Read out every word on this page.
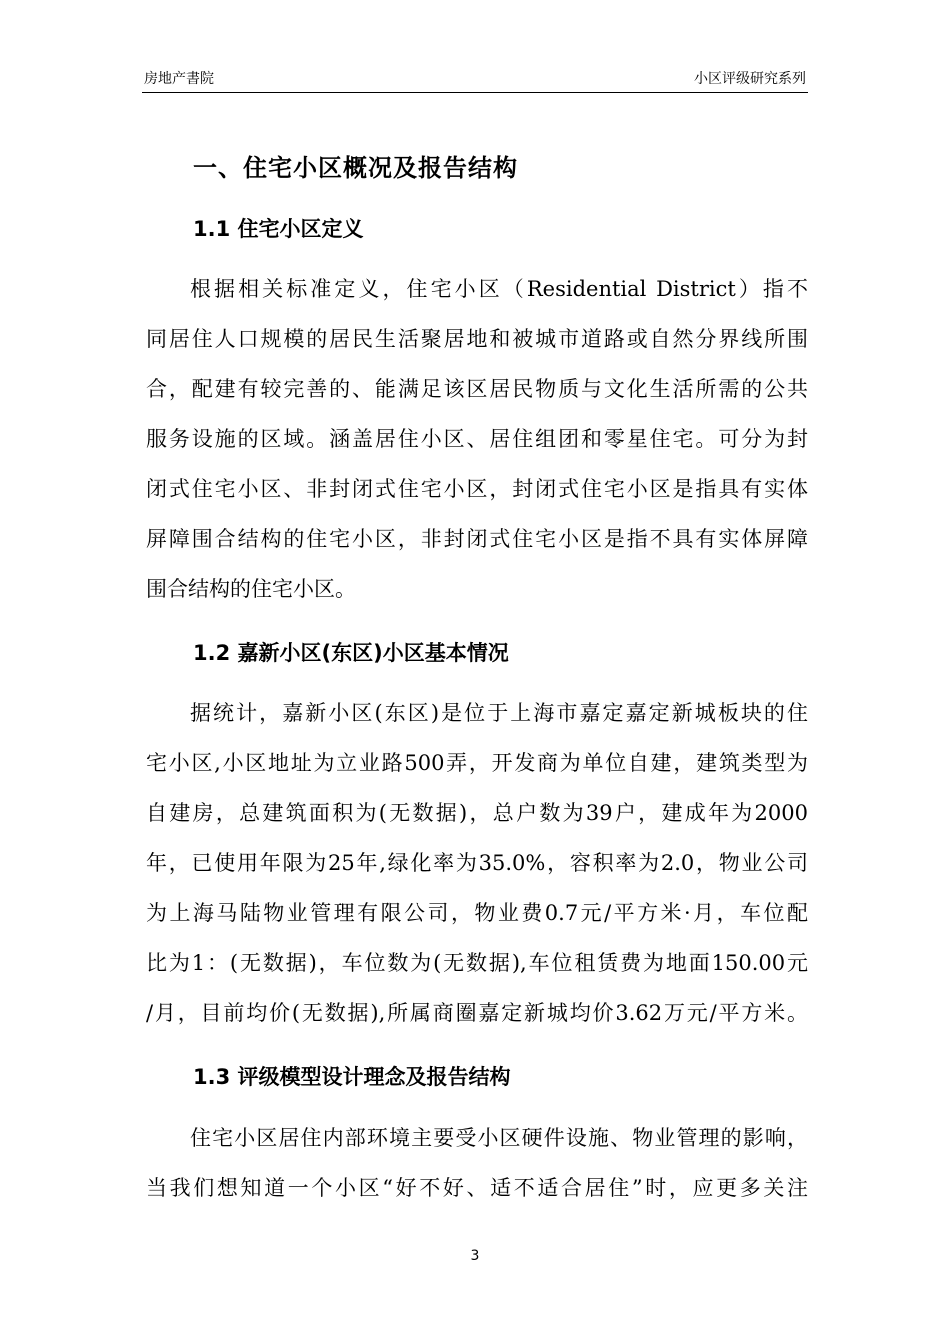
房地产書院	小区评级研究系列
一、住宅小区概况及报告结构
1.1 住宅小区定义
根据相关标准定义，住宅小区（Residential District）指不
同居住人口规模的居民生活聚居地和被城市道路或自然分界线所围
合，配建有较完善的、能满足该区居民物质与文化生活所需的公共
服务设施的区域。涵盖居住小区、居住组团和零星住宅。可分为封
闭式住宅小区、非封闭式住宅小区，封闭式住宅小区是指具有实体
屏障围合结构的住宅小区，非封闭式住宅小区是指不具有实体屏障
围合结构的住宅小区。
1.2 嘉新小区(东区)小区基本情况
据统计，嘉新小区(东区)是位于上海市嘉定嘉定新城板块的住
宅小区,小区地址为立业路500弄，开发商为单位自建，建筑类型为
自建房，总建筑面积为(无数据)，总户数为39户，建成年为2000
年，已使用年限为25年,绿化率为35.0%，容积率为2.0，物业公司
为上海马陆物业管理有限公司，物业费0.7元/平方米·月，车位配
比为1：(无数据)，车位数为(无数据),车位租赁费为地面150.00元
/月，目前均价(无数据),所属商圈嘉定新城均价3.62万元/平方米。
1.3 评级模型设计理念及报告结构
住宅小区居住内部环境主要受小区硬件设施、物业管理的影响，
当我们想知道一个小区“好不好、适不适合居住”时，应更多关注
3
